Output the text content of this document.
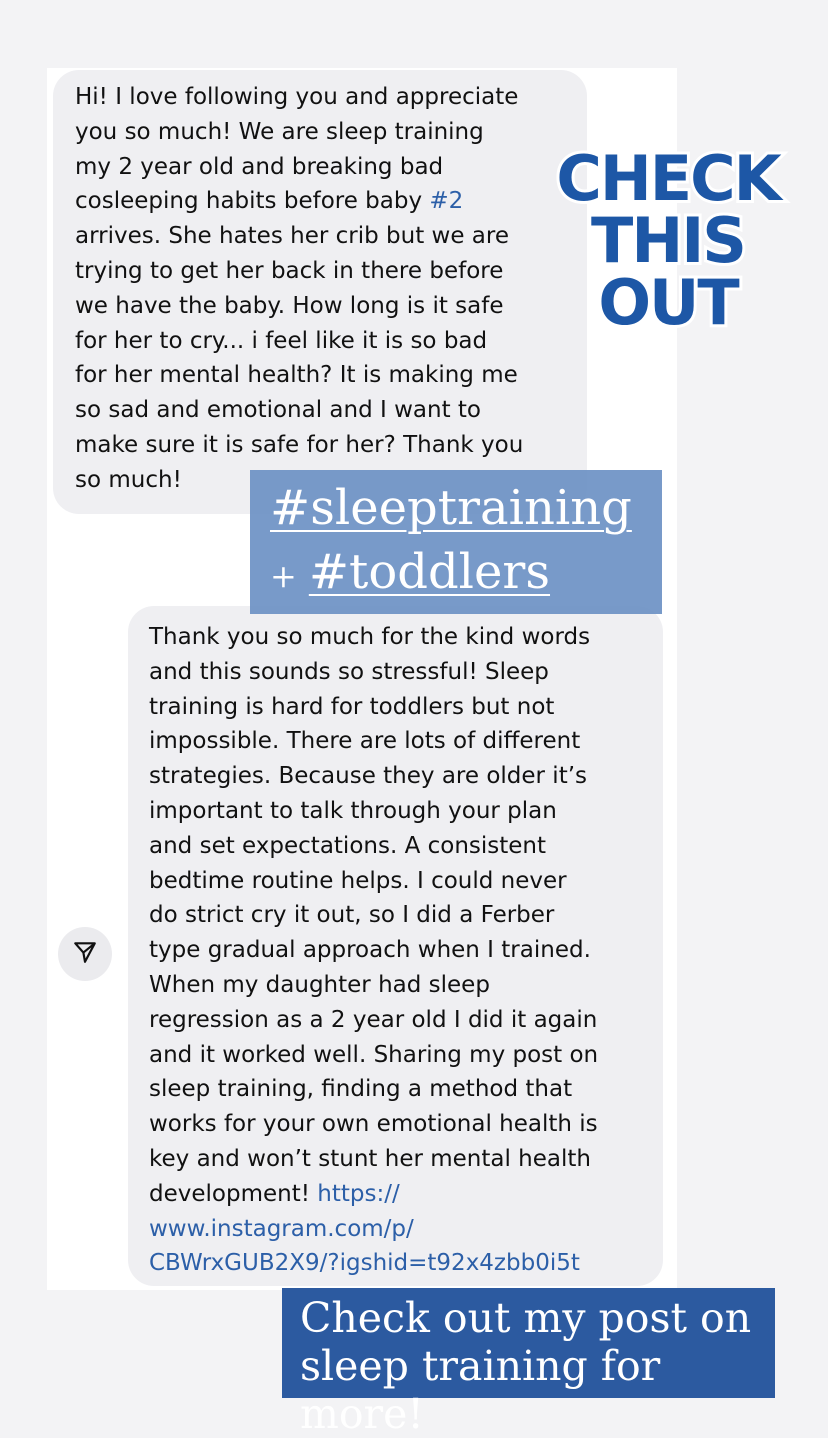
Hi! I love following you and appreciate
you so much! We are sleep training
my 2 year old and breaking bad
cosleeping habits before baby #2
arrives. She hates her crib but we are
trying to get her back in there before
we have the baby. How long is it safe
for her to cry... i feel like it is so bad
for her mental health? It is making me
so sad and emotional and I want to
make sure it is safe for her? Thank you
so much!
Thank you so much for the kind words
and this sounds so stressful! Sleep
training is hard for toddlers but not
impossible. There are lots of different
strategies. Because they are older it’s
important to talk through your plan
and set expectations. A consistent
bedtime routine helps. I could never
do strict cry it out, so I did a Ferber
type gradual approach when I trained.
When my daughter had sleep
regression as a 2 year old I did it again
and it worked well. Sharing my post on
sleep training, finding a method that
works for your own emotional health is
key and won’t stunt her mental health
development! https://
www.instagram.com/p/
CBWrxGUB2X9/?igshid=t92x4zbb0i5t
CHECK
THIS
OUT
#sleeptraining
+ #toddlers
Check out my post on
sleep training for more!
